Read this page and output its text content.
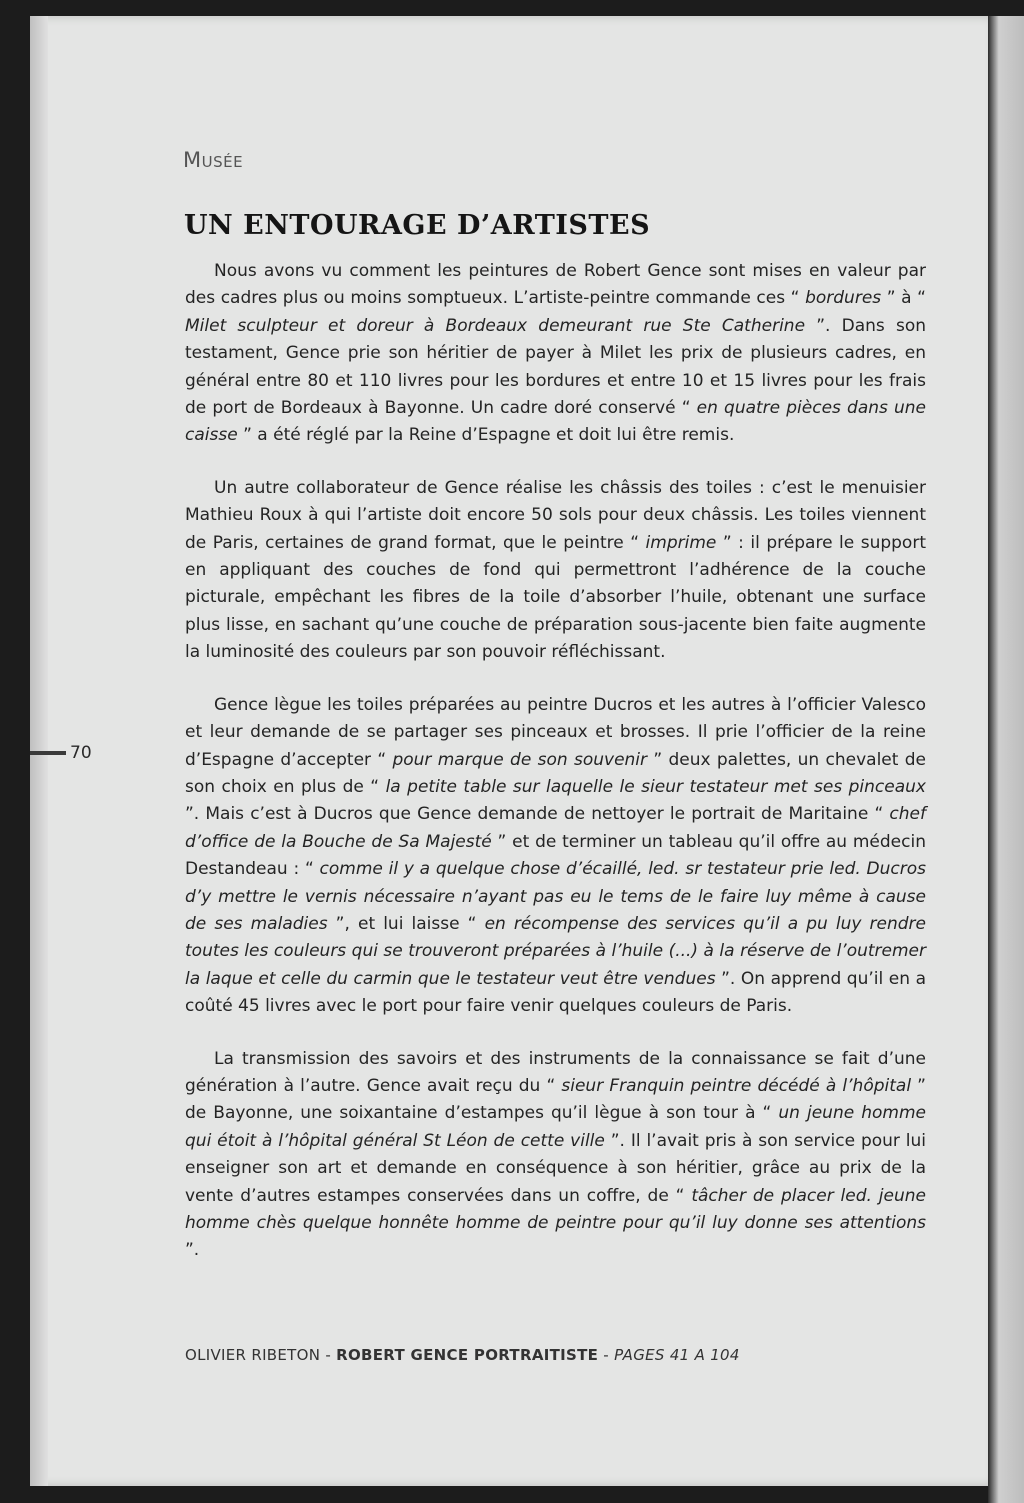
MUSÉE
UN ENTOURAGE D’ARTISTES

Nous avons vu comment les peintures de Robert Gence sont mises en valeur par des cadres plus ou moins somptueux. L’artiste-peintre commande ces “ bordures ” à “ Milet sculpteur et doreur à Bordeaux demeurant rue Ste Catherine ”. Dans son testament, Gence prie son héritier de payer à Milet les prix de plusieurs cadres, en général entre 80 et 110 livres pour les bordures et entre 10 et 15 livres pour les frais de port de Bordeaux à Bayonne. Un cadre doré conservé “ en quatre pièces dans une caisse ” a été réglé par la Reine d’Espagne et doit lui être remis.

Un autre collaborateur de Gence réalise les châssis des toiles : c’est le menuisier Mathieu Roux à qui l’artiste doit encore 50 sols pour deux châssis. Les toiles viennent de Paris, certaines de grand format, que le peintre “ imprime ” : il prépare le support en appliquant des couches de fond qui permettront l’adhérence de la couche picturale, empêchant les fibres de la toile d’absorber l’huile, obtenant une surface plus lisse, en sachant qu’une couche de préparation sous-jacente bien faite augmente la luminosité des couleurs par son pouvoir réfléchissant.

Gence lègue les toiles préparées au peintre Ducros et les autres à l’officier Valesco et leur demande de se partager ses pinceaux et brosses. Il prie l’officier de la reine d’Espagne d’accepter “ pour marque de son souvenir ” deux palettes, un chevalet de son choix en plus de “ la petite table sur laquelle le sieur testateur met ses pinceaux ”. Mais c’est à Ducros que Gence demande de nettoyer le portrait de Maritaine “ chef d’office de la Bouche de Sa Majesté ” et de terminer un tableau qu’il offre au médecin Destandeau : “ comme il y a quelque chose d’écaillé, led. sr testateur prie led. Ducros d’y mettre le vernis nécessaire n’ayant pas eu le tems de le faire luy même à cause de ses maladies ”, et lui laisse “ en récompense des services qu’il a pu luy rendre toutes les couleurs qui se trouveront préparées à l’huile (...) à la réserve de l’outremer la laque et celle du carmin que le testateur veut être vendues ”. On apprend qu’il en a coûté 45 livres avec le port pour faire venir quelques couleurs de Paris.

La transmission des savoirs et des instruments de la connaissance se fait d’une génération à l’autre. Gence avait reçu du “ sieur Franquin peintre décédé à l’hôpital ” de Bayonne, une soixantaine d’estampes qu’il lègue à son tour à “ un jeune homme qui étoit à l’hôpital général St Léon de cette ville ”. Il l’avait pris à son service pour lui enseigner son art et demande en conséquence à son héritier, grâce au prix de la vente d’autres estampes conservées dans un coffre, de “ tâcher de placer led. jeune homme chès quelque honnête homme de peintre pour qu’il luy donne ses attentions ”.

70
OLIVIER RIBETON - ROBERT GENCE PORTRAITISTE - PAGES 41 A 104
